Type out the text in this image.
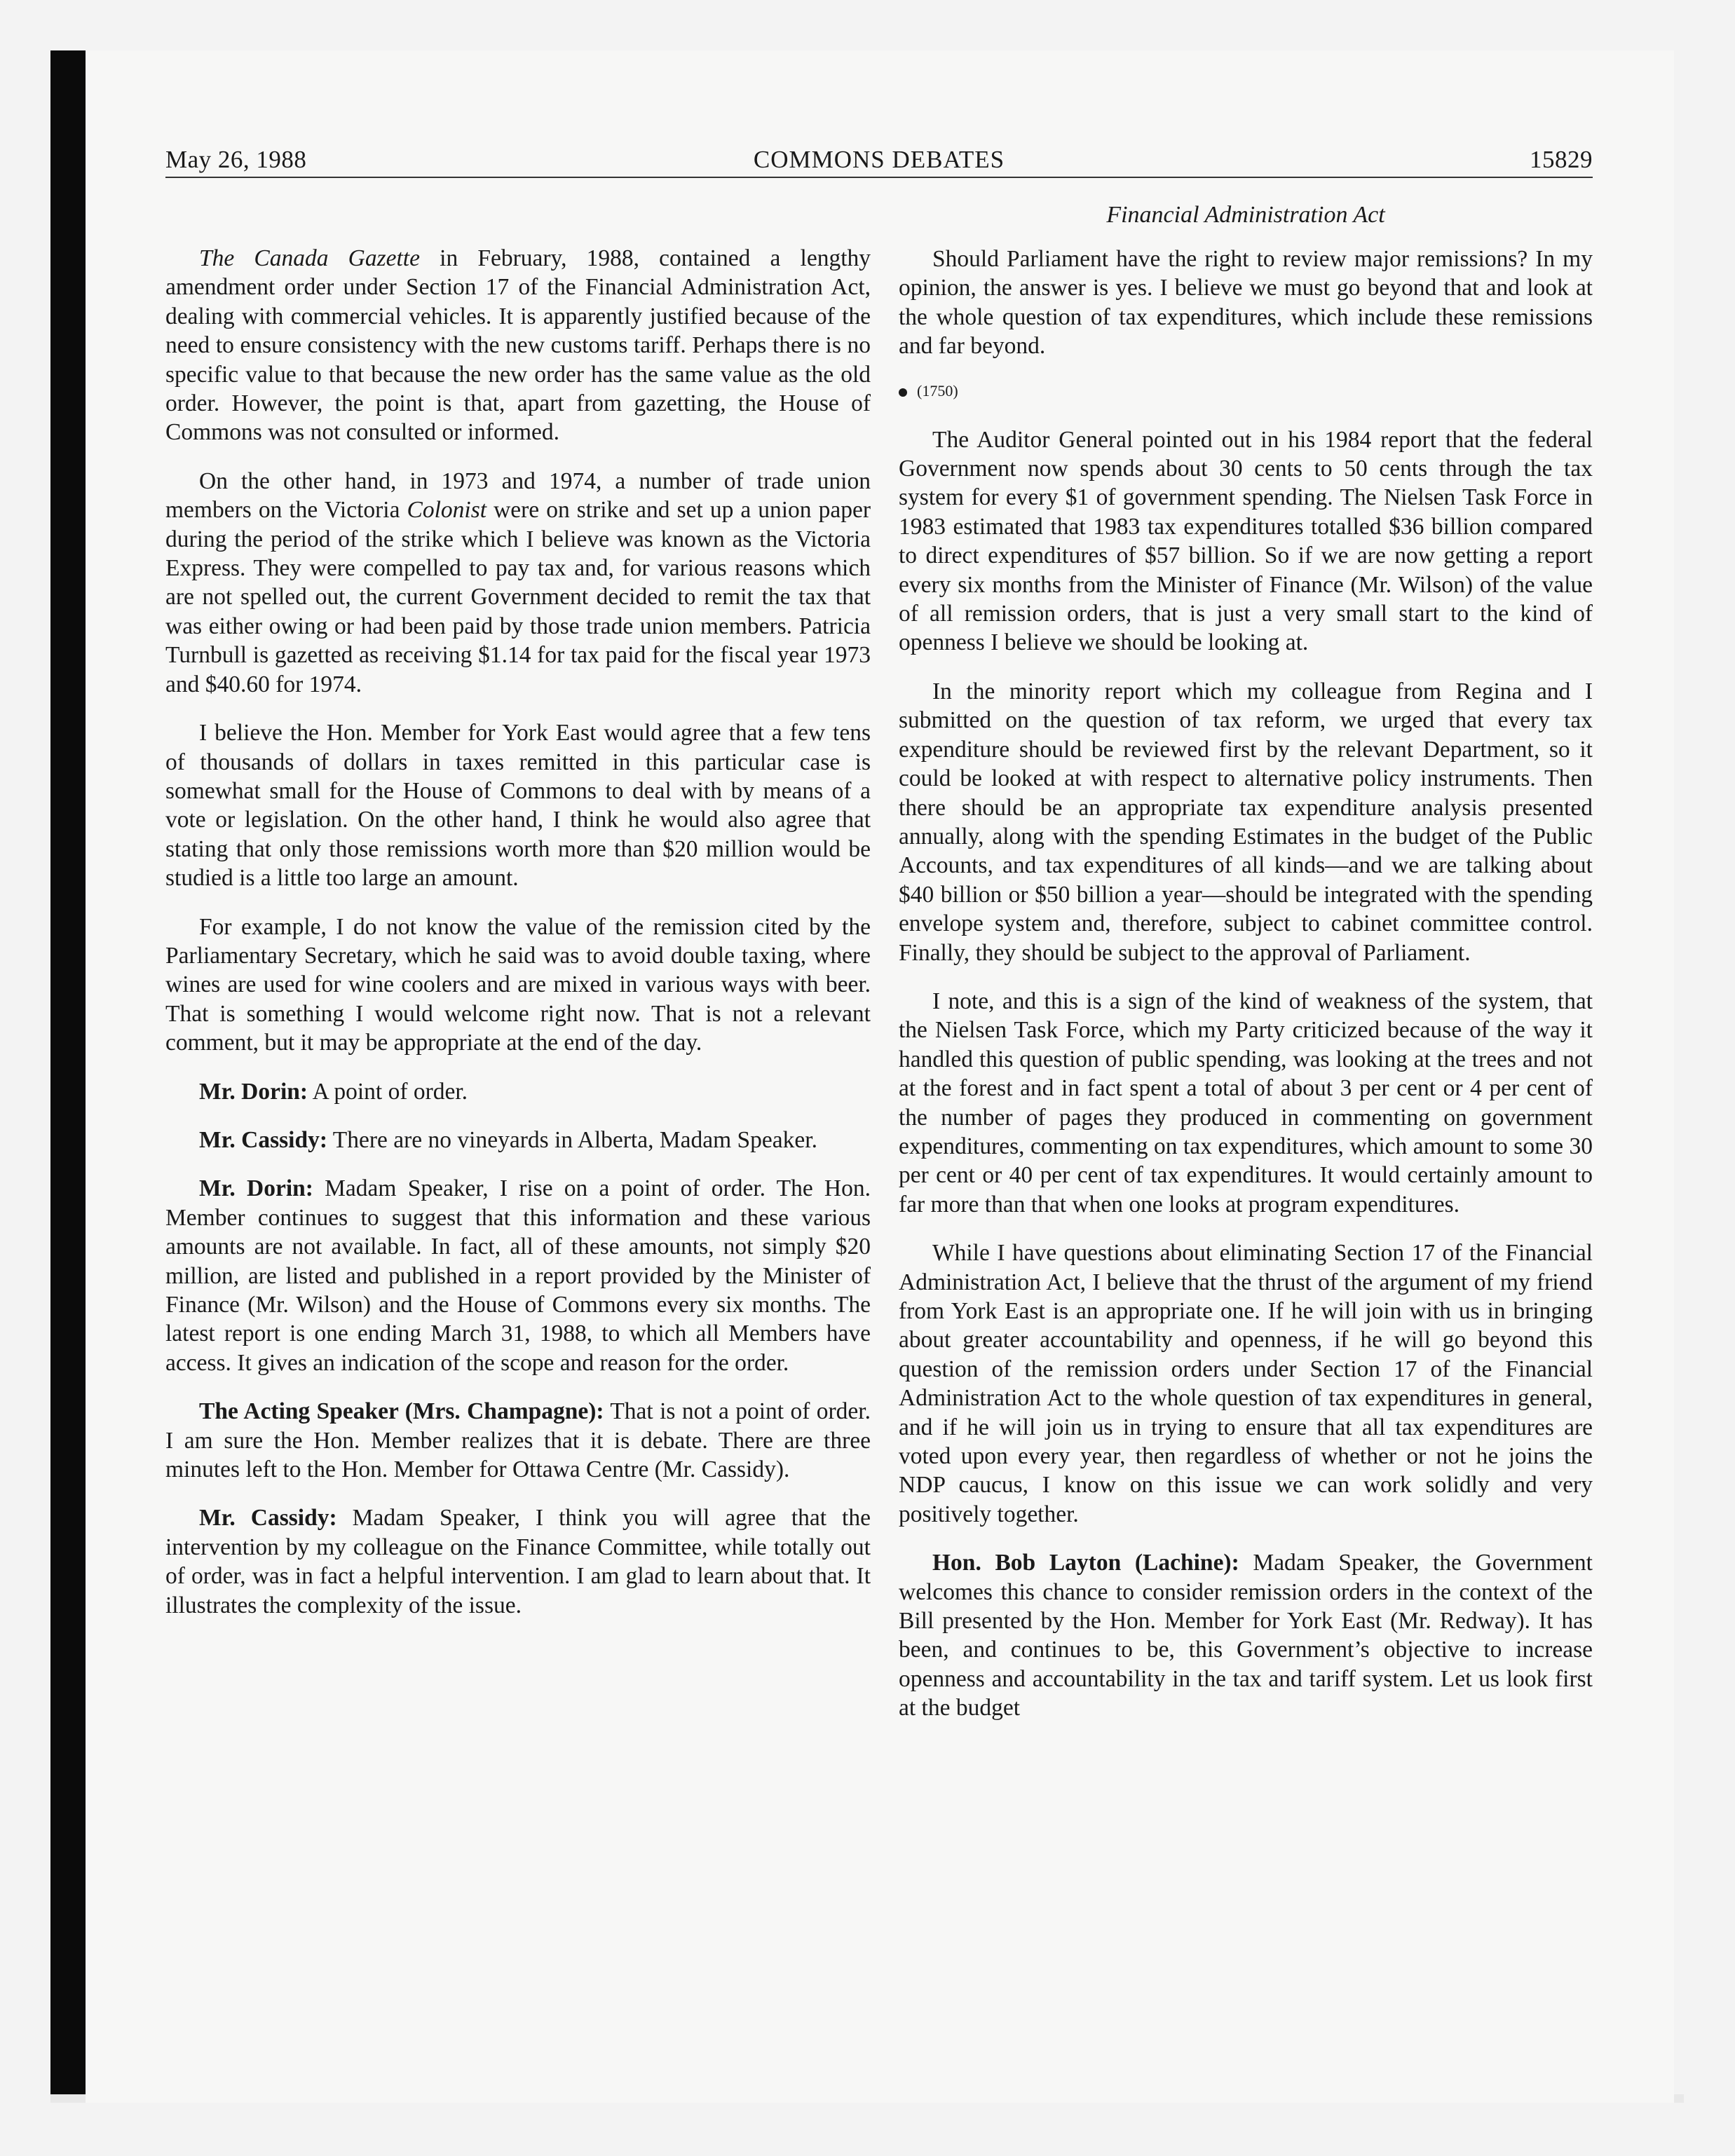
May 26, 1988	COMMONS DEBATES	15829

The Canada Gazette in February, 1988, contained a lengthy amendment order under Section 17 of the Financial Administration Act, dealing with commercial vehicles. It is apparently justified because of the need to ensure consistency with the new customs tariff. Perhaps there is no specific value to that because the new order has the same value as the old order. However, the point is that, apart from gazetting, the House of Commons was not consulted or informed.

On the other hand, in 1973 and 1974, a number of trade union members on the Victoria Colonist were on strike and set up a union paper during the period of the strike which I believe was known as the Victoria Express. They were compelled to pay tax and, for various reasons which are not spelled out, the current Government decided to remit the tax that was either owing or had been paid by those trade union members. Patricia Turnbull is gazetted as receiving $1.14 for tax paid for the fiscal year 1973 and $40.60 for 1974.

I believe the Hon. Member for York East would agree that a few tens of thousands of dollars in taxes remitted in this particular case is somewhat small for the House of Commons to deal with by means of a vote or legislation. On the other hand, I think he would also agree that stating that only those remissions worth more than $20 million would be studied is a little too large an amount.

For example, I do not know the value of the remission cited by the Parliamentary Secretary, which he said was to avoid double taxing, where wines are used for wine coolers and are mixed in various ways with beer. That is something I would welcome right now. That is not a relevant comment, but it may be appropriate at the end of the day.

Mr. Dorin: A point of order.

Mr. Cassidy: There are no vineyards in Alberta, Madam Speaker.

Mr. Dorin: Madam Speaker, I rise on a point of order. The Hon. Member continues to suggest that this information and these various amounts are not available. In fact, all of these amounts, not simply $20 million, are listed and published in a report provided by the Minister of Finance (Mr. Wilson) and the House of Commons every six months. The latest report is one ending March 31, 1988, to which all Members have access. It gives an indication of the scope and reason for the order.

The Acting Speaker (Mrs. Champagne): That is not a point of order. I am sure the Hon. Member realizes that it is debate. There are three minutes left to the Hon. Member for Ottawa Centre (Mr. Cassidy).

Mr. Cassidy: Madam Speaker, I think you will agree that the intervention by my colleague on the Finance Committee, while totally out of order, was in fact a helpful intervention. I am glad to learn about that. It illustrates the complexity of the issue.

Financial Administration Act

Should Parliament have the right to review major remissions? In my opinion, the answer is yes. I believe we must go beyond that and look at the whole question of tax expenditures, which include these remissions and far beyond.

(1750)

The Auditor General pointed out in his 1984 report that the federal Government now spends about 30 cents to 50 cents through the tax system for every $1 of government spending. The Nielsen Task Force in 1983 estimated that 1983 tax expenditures totalled $36 billion compared to direct expenditures of $57 billion. So if we are now getting a report every six months from the Minister of Finance (Mr. Wilson) of the value of all remission orders, that is just a very small start to the kind of openness I believe we should be looking at.

In the minority report which my colleague from Regina and I submitted on the question of tax reform, we urged that every tax expenditure should be reviewed first by the relevant Department, so it could be looked at with respect to alternative policy instruments. Then there should be an appropriate tax expenditure analysis presented annually, along with the spending Estimates in the budget of the Public Accounts, and tax expenditures of all kinds—and we are talking about $40 billion or $50 billion a year—should be integrated with the spending envelope system and, therefore, subject to cabinet committee control. Finally, they should be subject to the approval of Parliament.

I note, and this is a sign of the kind of weakness of the system, that the Nielsen Task Force, which my Party criticized because of the way it handled this question of public spending, was looking at the trees and not at the forest and in fact spent a total of about 3 per cent or 4 per cent of the number of pages they produced in commenting on government expenditures, commenting on tax expenditures, which amount to some 30 per cent or 40 per cent of tax expenditures. It would certainly amount to far more than that when one looks at program expenditures.

While I have questions about eliminating Section 17 of the Financial Administration Act, I believe that the thrust of the argument of my friend from York East is an appropriate one. If he will join with us in bringing about greater accountability and openness, if he will go beyond this question of the remission orders under Section 17 of the Financial Administration Act to the whole question of tax expenditures in general, and if he will join us in trying to ensure that all tax expenditures are voted upon every year, then regardless of whether or not he joins the NDP caucus, I know on this issue we can work solidly and very positively together.

Hon. Bob Layton (Lachine): Madam Speaker, the Government welcomes this chance to consider remission orders in the context of the Bill presented by the Hon. Member for York East (Mr. Redway). It has been, and continues to be, this Government’s objective to increase openness and accountability in the tax and tariff system. Let us look first at the budget
